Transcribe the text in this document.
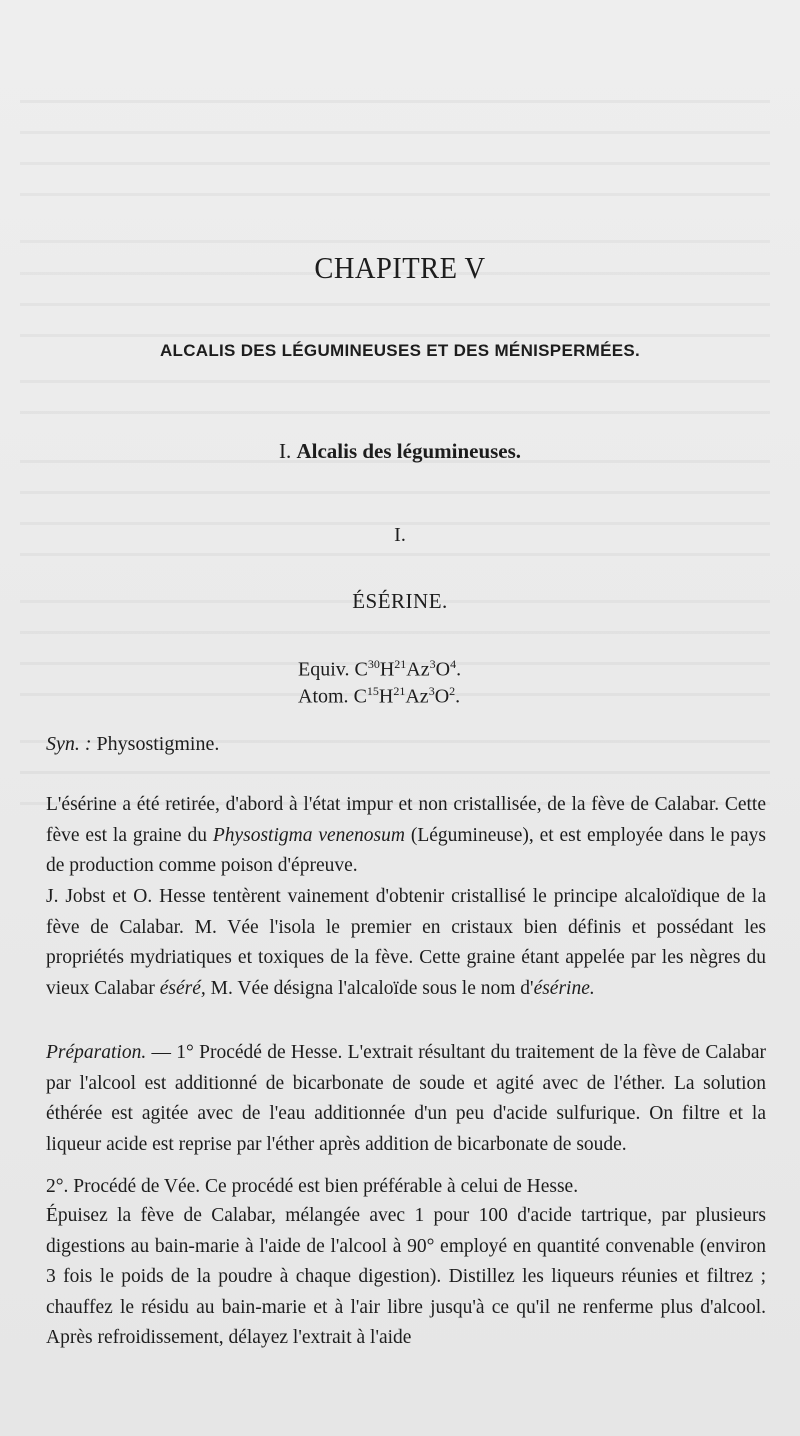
CHAPITRE V
ALCALIS DES LÉGUMINEUSES ET DES MÉNISPERMÉES.
I. Alcalis des légumineuses.
I.
ÉSÉRINE.
Equiv. $C^{30}H^{21}Az^3O^4$.
Atom. $C^{15}H^{21}Az^3O^2$.
Syn. : Physostigmine.
L'ésérine a été retirée, d'abord à l'état impur et non cristallisée, de la fève de Calabar. Cette fève est la graine du Physostigma venenosum (Légumineuse), et est employée dans le pays de production comme poison d'épreuve.
J. Jobst et O. Hesse tentèrent vainement d'obtenir cristallisé le principe alcaloïdique de la fève de Calabar. M. Vée l'isola le premier en cristaux bien définis et possédant les propriétés mydriatiques et toxiques de la fève. Cette graine étant appelée par les nègres du vieux Calabar éséré, M. Vée désigna l'alcaloïde sous le nom d'ésérine.
Préparation. — 1° Procédé de Hesse. L'extrait résultant du traitement de la fève de Calabar par l'alcool est additionné de bicarbonate de soude et agité avec de l'éther. La solution éthérée est agitée avec de l'eau additionnée d'un peu d'acide sulfurique. On filtre et la liqueur acide est reprise par l'éther après addition de bicarbonate de soude.
2°. Procédé de Vée. Ce procédé est bien préférable à celui de Hesse.
Épuisez la fève de Calabar, mélangée avec 1 pour 100 d'acide tartrique, par plusieurs digestions au bain-marie à l'aide de l'alcool à 90° employé en quantité convenable (environ 3 fois le poids de la poudre à chaque digestion). Distillez les liqueurs réunies et filtrez ; chauffez le résidu au bain-marie et à l'air libre jusqu'à ce qu'il ne renferme plus d'alcool. Après refroidissement, délayez l'extrait à l'aide
